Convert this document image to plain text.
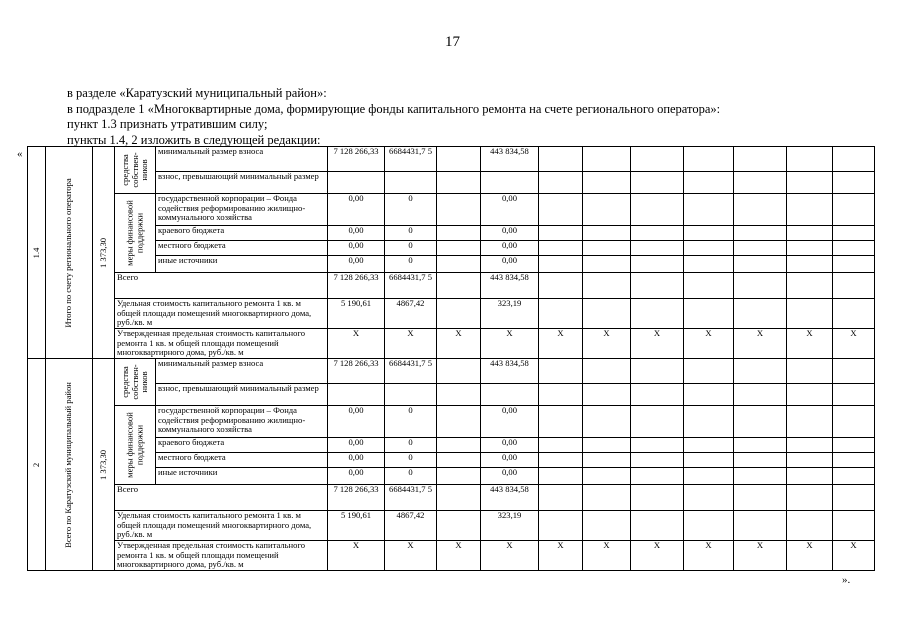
17
в разделе «Каратузский муниципальный район»:
в подразделе 1 «Многоквартирные дома, формирующие фонды капитального ремонта на счете регионального оператора»:
пункт 1.3 признать утратившим силу;
пункты 1.4, 2 изложить в следующей редакции:
«
».
1.4	Итого по счету регионального оператора	1 373,30	средства собствен-ников	минимальный размер взноса	7 128 266,33	6684431,7 5		443 834,58							
				взнос, превышающий минимальный размер											

			меры финансовой поддержки	государственной корпорации – Фонда содействия реформированию жилищно-коммунального хозяйства	0,00	0		0,00							
				краевого бюджета	0,00	0		0,00							
				местного бюджета	0,00	0		0,00							
				иные источники	0,00	0		0,00							
			Всего		7 128 266,33	6684431,7 5		443 834,58							
			Удельная стоимость капитального ремонта 1 кв. м общей площади помещений многоквартирного дома, руб./кв. м		5 190,61	4867,42		323,19							
			Утвержденная предельная стоимость капитального ремонта 1 кв. м общей площади помещений многоквартирного дома, руб./кв. м		X	X	X	X	X	X	X	X	X	X	X

2	Всего по Каратузский муниципальный район	1 373,30	средства собствен-ников	минимальный размер взноса	7 128 266,33	6684431,7 5		443 834,58							
				взнос, превышающий минимальный размер											

			меры финансовой поддержки	государственной корпорации – Фонда содействия реформированию жилищно-коммунального хозяйства	0,00	0		0,00							
				краевого бюджета	0,00	0		0,00							
				местного бюджета	0,00	0		0,00							
				иные источники	0,00	0		0,00							
			Всего		7 128 266,33	6684431,7 5		443 834,58							
			Удельная стоимость капитального ремонта 1 кв. м общей площади помещений многоквартирного дома, руб./кв. м		5 190,61	4867,42		323,19							
			Утвержденная предельная стоимость капитального ремонта 1 кв. м общей площади помещений многоквартирного дома, руб./кв. м		X	X	X	X	X	X	X	X	X	X	X
